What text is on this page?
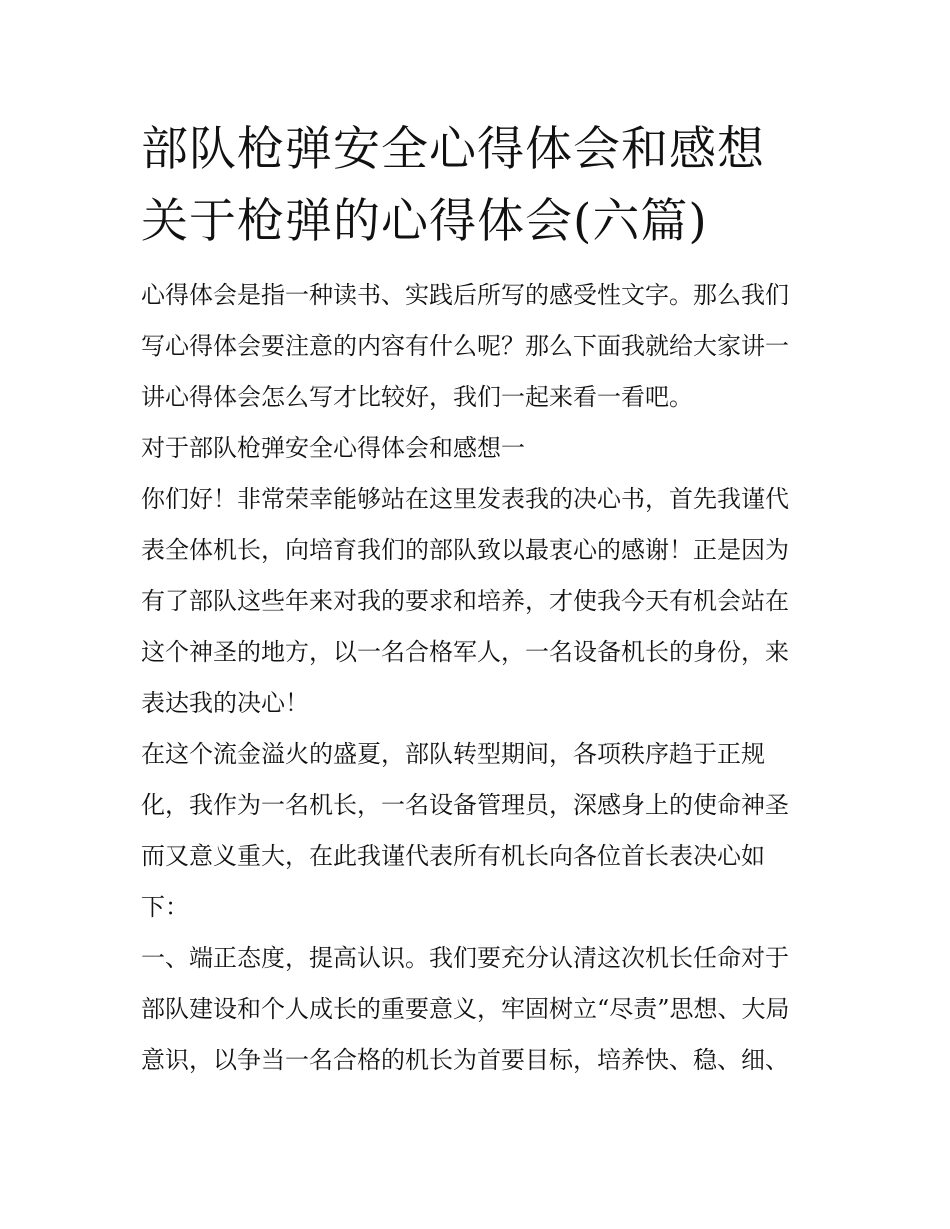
部队枪弹安全心得体会和感想
关于枪弹的心得体会(六篇)

心得体会是指一种读书、实践后所写的感受性文字。那么我们
写心得体会要注意的内容有什么呢？那么下面我就给大家讲一
讲心得体会怎么写才比较好，我们一起来看一看吧。

对于部队枪弹安全心得体会和感想一

你们好！非常荣幸能够站在这里发表我的决心书，首先我谨代
表全体机长，向培育我们的部队致以最衷心的感谢！正是因为
有了部队这些年来对我的要求和培养，才使我今天有机会站在
这个神圣的地方，以一名合格军人，一名设备机长的身份，来
表达我的决心！

在这个流金溢火的盛夏，部队转型期间，各项秩序趋于正规
化，我作为一名机长，一名设备管理员，深感身上的使命神圣
而又意义重大，在此我谨代表所有机长向各位首长表决心如
下：

一、端正态度，提高认识。我们要充分认清这次机长任命对于
部队建设和个人成长的重要意义，牢固树立“尽责”思想、大局
意识，以争当一名合格的机长为首要目标，培养快、稳、细、
